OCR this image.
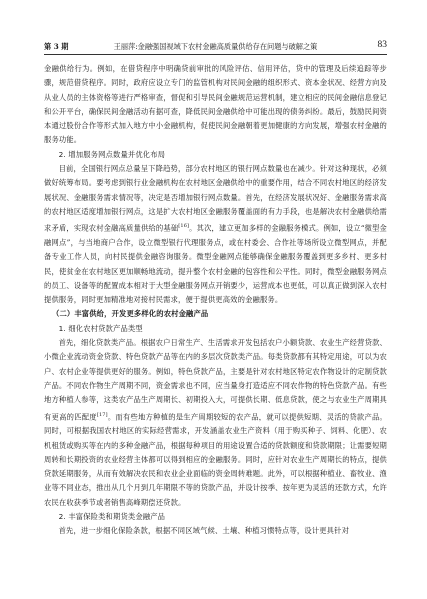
第 3 期	王丽萍:金融强国视域下农村金融高质量供给存在问题与破解之策	83

金融供给行为。例如，在借贷程序中明确贷前审批的风险评估、信用评估，贷中的管理及后续追踪等步骤，规范借贷程序。同时，政府应设立专门的监管机构对民间金融的组织形式、资本金状况、经营方向及从业人员的主体资格等进行严格审查，督促和引导民间金融规范运营机制，建立相应的民间金融信息登记和公开平台，确保民间金融活动有据可查，降低民间金融供给中可能出现的债务纠纷。最后，鼓励民间资本通过股份合作等形式加入地方中小金融机构，促使民间金融朝着更加健康的方向发展，增强农村金融的服务功能。

2. 增加服务网点数量并优化布局

目前，全国银行网点总量呈下降趋势，部分农村地区的银行网点数量也在减少。针对这种现状，必须做好统筹布局。要考虑到银行业金融机构在农村地区金融供给中的重要作用，结合不同农村地区的经济发展状况、金融服务需求情况等，决定是否增加银行网点数量。首先，在经济发展状况好、金融服务需求高的农村地区适度增加银行网点，这是扩大农村地区金融服务覆盖面的有力手段，也是解决农村金融供给需求矛盾，实现农村金融高质量供给的基础[16]。其次，建立更加多样的金融服务模式。例如，设立“微型金融网点”，与当地商户合作，设立微型银行代理服务点，或在村委会、合作社等场所设立微型网点，并配备专业工作人员，向村民提供金融咨询服务。微型金融网点能够确保金融服务覆盖到更多乡村、更多村民，使贫金在农村地区更加顺畅地流动，提升整个农村金融的包容性和公平性。同时，微型金融服务网点的员工、设备等的配置成本相对于大型金融服务网点开销要少，运营成本也更低，可以真正做到深入农村提供服务，同时更加精准地对接村民需求，便于提供更高效的金融服务。

（二）丰富供给，开发更多样化的农村金融产品

1. 细化农村贷款产品类型

首先，细化贷款类产品。根据农户日常生产、生活需求开发包括农户小额贷款、农业生产经营贷款、小微企业流动资金贷款、特色贷款产品等在内的多层次贷款类产品。每类贷款都有其特定用途，可以为农户、农村企业等提供更好的服务。例如，特色贷款产品，主要是针对农村地区特定农作物设计的定制贷款产品。不同农作物生产周期不同，资金需求也不同，应当量身打造适应不同农作物的特色贷款产品。有些地方种植人参等，这类农产品生产周期长、初期投入大，可提供长期、低息贷款，使之与农业生产周期具有更高的匹配度[17]。而有些地方种植的是生产周期较短的农产品，就可以提供短期、灵活的贷款产品。同时，可根据我国农村地区的实际经营需求，开发涵盖农业生产资料（用于购买种子、饲料、化肥）、农机租赁或购买等在内的多种金融产品，根据每种项目的用途设置合适的贷款额度和贷款期限；让需要短期周转和长期投资的农业经营主体都可以得到相应的金融服务。同时，应针对农业生产周期长的特点，提供贷款延期服务，从而有效解决农民和农业企业面临的资金周转难题。此外，可以根据种植业、畜牧业、渔业等不同业态，推出从几个月到几年期限不等的贷款产品，并设计按季、按年更为灵活的还款方式，允许农民在收获季节或者销售高峰期偿还贷款。

2. 丰富保险类和期货类金融产品

首先，进一步细化保险条款，根据不同区域气候、土壤、种植习惯特点等，设计更具针对
